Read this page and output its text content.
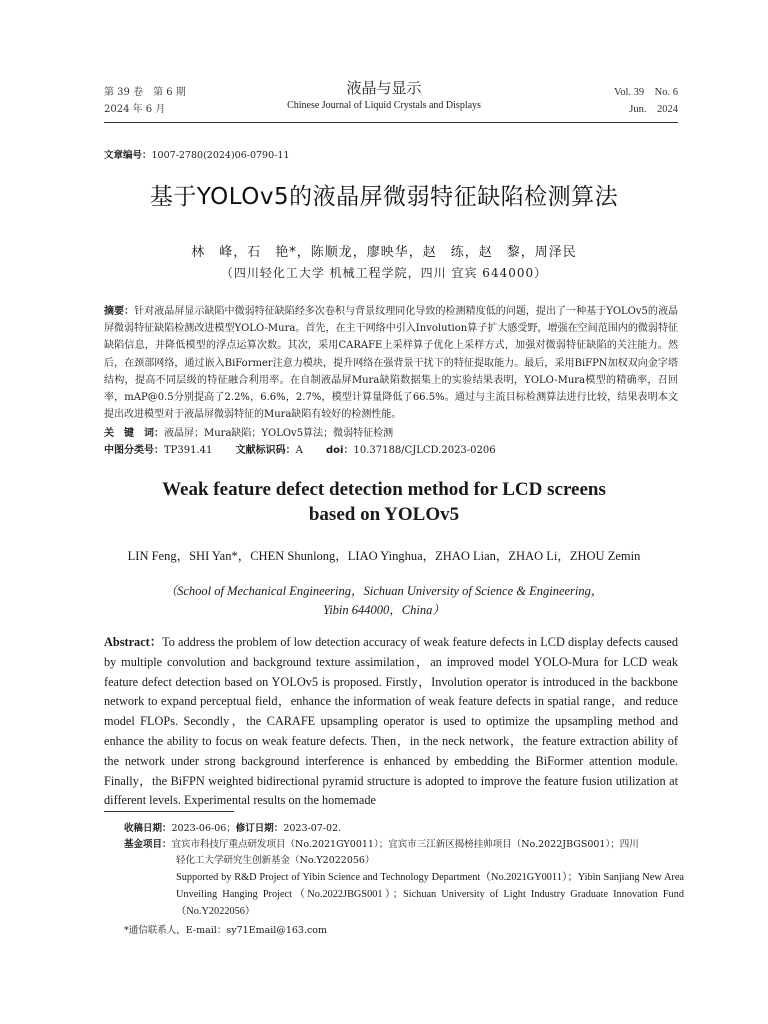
第 39 卷　第 6 期
2024 年 6 月
液晶与显示
Chinese Journal of Liquid Crystals and Displays
Vol. 39　No. 6
Jun.　2024
文章编号：1007-2780(2024)06-0790-11
基于YOLOv5的液晶屏微弱特征缺陷检测算法
林　峰，石　艳*，陈顺龙，廖映华，赵　练，赵　黎，周泽民
（四川轻化工大学 机械工程学院，四川 宜宾 644000）
摘要：针对液晶屏显示缺陷中微弱特征缺陷经多次卷积与背景纹理同化导致的检测精度低的问题，提出了一种基于YOLOv5的液晶屏微弱特征缺陷检测改进模型YOLO-Mura。首先，在主干网络中引入Involution算子扩大感受野，增强在空间范围内的微弱特征缺陷信息，并降低模型的浮点运算次数。其次，采用CARAFE上采样算子优化上采样方式，加强对微弱特征缺陷的关注能力。然后，在颈部网络，通过嵌入BiFormer注意力模块，提升网络在强背景干扰下的特征提取能力。最后，采用BiFPN加权双向金字塔结构，提高不同层级的特征融合利用率。在自制液晶屏Mura缺陷数据集上的实验结果表明，YOLO-Mura模型的精确率，召回率，mAP@0.5分别提高了2.2%，6.6%，2.7%，模型计算量降低了66.5%。通过与主流目标检测算法进行比较，结果表明本文提出改进模型对于液晶屏微弱特征的Mura缺陷有较好的检测性能。
关　键　词：液晶屏；Mura缺陷；YOLOv5算法；微弱特征检测
中图分类号：TP391.41 文献标识码：A doi：10.37188/CJLCD.2023-0206
Weak feature defect detection method for LCD screens
based on YOLOv5
LIN Feng，SHI Yan*，CHEN Shunlong，LIAO Yinghua，ZHAO Lian，ZHAO Li，ZHOU Zemin
（School of Mechanical Engineering，Sichuan University of Science & Engineering，
Yibin 644000，China）
Abstract：To address the problem of low detection accuracy of weak feature defects in LCD display defects caused by multiple convolution and background texture assimilation，an improved model YOLO-Mura for LCD weak feature defect detection based on YOLOv5 is proposed. Firstly，Involution operator is introduced in the backbone network to expand perceptual field，enhance the information of weak feature defects in spatial range，and reduce model FLOPs. Secondly，the CARAFE upsampling operator is used to optimize the upsampling method and enhance the ability to focus on weak feature defects. Then，in the neck network，the feature extraction ability of the network under strong background interference is enhanced by embedding the BiFormer attention module. Finally，the BiFPN weighted bidirectional pyramid structure is adopted to improve the feature fusion utilization at different levels. Experimental results on the homemade
收稿日期：2023-06-06；修订日期：2023-07-02.
基金项目：宜宾市科技厅重点研发项目（No.2021GY0011）；宜宾市三江新区揭榜挂帅项目（No.2022JBGS001）；四川
轻化工大学研究生创新基金（No.Y2022056）
Supported by R&D Project of Yibin Science and Technology Department（No.2021GY0011）；Yibin Sanjiang New Area Unveiling Hanging Project（No.2022JBGS001）；Sichuan University of Light Industry Graduate Innovation Fund（No.Y2022056）
*通信联系人，E-mail：sy71Email@163.com
